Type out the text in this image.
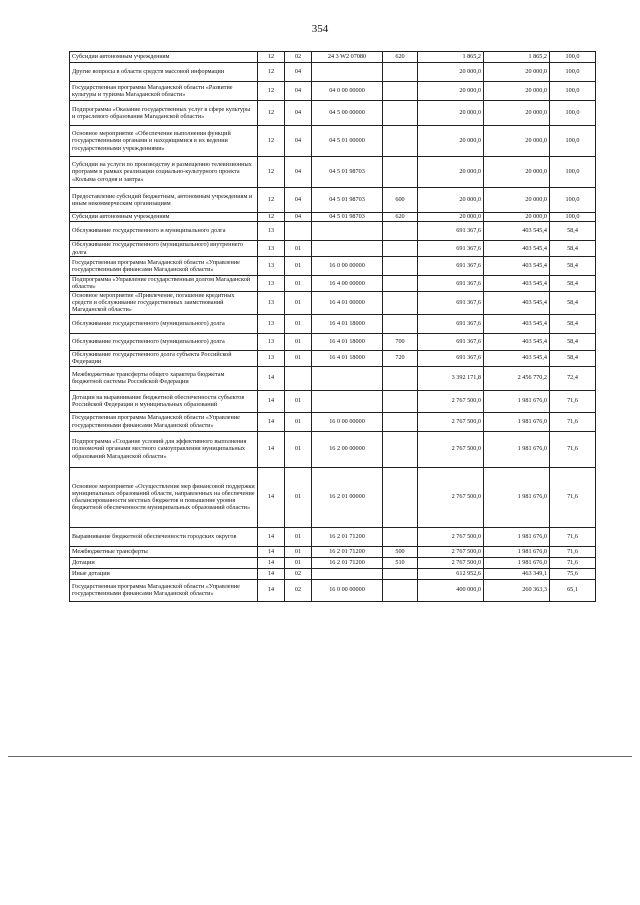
354
Субсидии автономным учреждениям	12	02	24 3 W2 07080	620	1 865,2	1 865,2	100,0
Другие вопросы в области средств массовой информации	12	04			20 000,0	20 000,0	100,0
Государственная программа Магаданской области «Развитие культуры и туризма Магаданской области»	12	04	04 0 00 00000		20 000,0	20 000,0	100,0
Подпрограмма «Оказание государственных услуг в сфере культуры и отраслевого образования Магаданской области»	12	04	04 5 00 00000		20 000,0	20 000,0	100,0
Основное мероприятие «Обеспечение выполнения функций государственными органами и находящимися в их ведении государственными учреждениями»	12	04	04 5 01 00000		20 000,0	20 000,0	100,0
Субсидии на услуги по производству и размещению телевизионных программ в рамках реализации социально-культурного проекта «Колыма сегодня и завтра»	12	04	04 5 01 98703		20 000,0	20 000,0	100,0
Предоставление субсидий бюджетным, автономным учреждениям и иным некоммерческим организациям	12	04	04 5 01 98703	600	20 000,0	20 000,0	100,0
Субсидии автономным учреждениям	12	04	04 5 01 98703	620	20 000,0	20 000,0	100,0
Обслуживание государственного и муниципального долга	13				691 367,6	403 545,4	58,4
Обслуживание государственного (муниципального) внутреннего долга	13	01			691 367,6	403 545,4	58,4
Государственная программа Магаданской области «Управление государственными финансами Магаданской области»	13	01	16 0 00 00000		691 367,6	403 545,4	58,4
Подпрограмма «Управление государственным долгом Магаданской области»	13	01	16 4 00 00000		691 367,6	403 545,4	58,4
Основное мероприятие «Привлечение, погашение кредитных средств и обслуживание государственных заимствований Магаданской области»	13	01	16 4 01 00000		691 367,6	403 545,4	58,4
Обслуживание государственного (муниципального) долга	13	01	16 4 01 18000		691 367,6	403 545,4	58,4
Обслуживание государственного (муниципального) долга	13	01	16 4 01 18000	700	691 367,6	403 545,4	58,4
Обслуживание государственного долга субъекта Российской Федерации	13	01	16 4 01 18000	720	691 367,6	403 545,4	58,4
Межбюджетные трансферты общего характера бюджетам бюджетной системы Российской Федерации	14				3 392 171,8	2 456 770,2	72,4
Дотации на выравнивание бюджетной обеспеченности субъектов Российской Федерации и муниципальных образований	14	01			2 767 500,0	1 981 676,0	71,6
Государственная программа Магаданской области «Управление государственными финансами Магаданской области»	14	01	16 0 00 00000		2 767 500,0	1 981 676,0	71,6
Подпрограмма «Создание условий для эффективного выполнения полномочий органами местного самоуправления муниципальных образований Магаданской области»	14	01	16 2 00 00000		2 767 500,0	1 981 676,0	71,6
Основное мероприятие «Осуществление мер финансовой поддержки муниципальных образований области, направленных на обеспечение сбалансированности местных бюджетов и повышение уровня бюджетной обеспеченности муниципальных образований области»	14	01	16 2 01 00000		2 767 500,0	1 981 676,0	71,6
Выравнивание бюджетной обеспеченности городских округов	14	01	16 2 01 71200		2 767 500,0	1 981 676,0	71,6
Межбюджетные трансферты	14	01	16 2 01 71200	500	2 767 500,0	1 981 676,0	71,6
Дотации	14	01	16 2 01 71200	510	2 767 500,0	1 981 676,0	71,6
Иные дотации	14	02			612 952,6	463 349,1	75,6
Государственная программа Магаданской области «Управление государственными финансами Магаданской области»	14	02	16 0 00 00000		400 000,0	260 363,3	65,1
